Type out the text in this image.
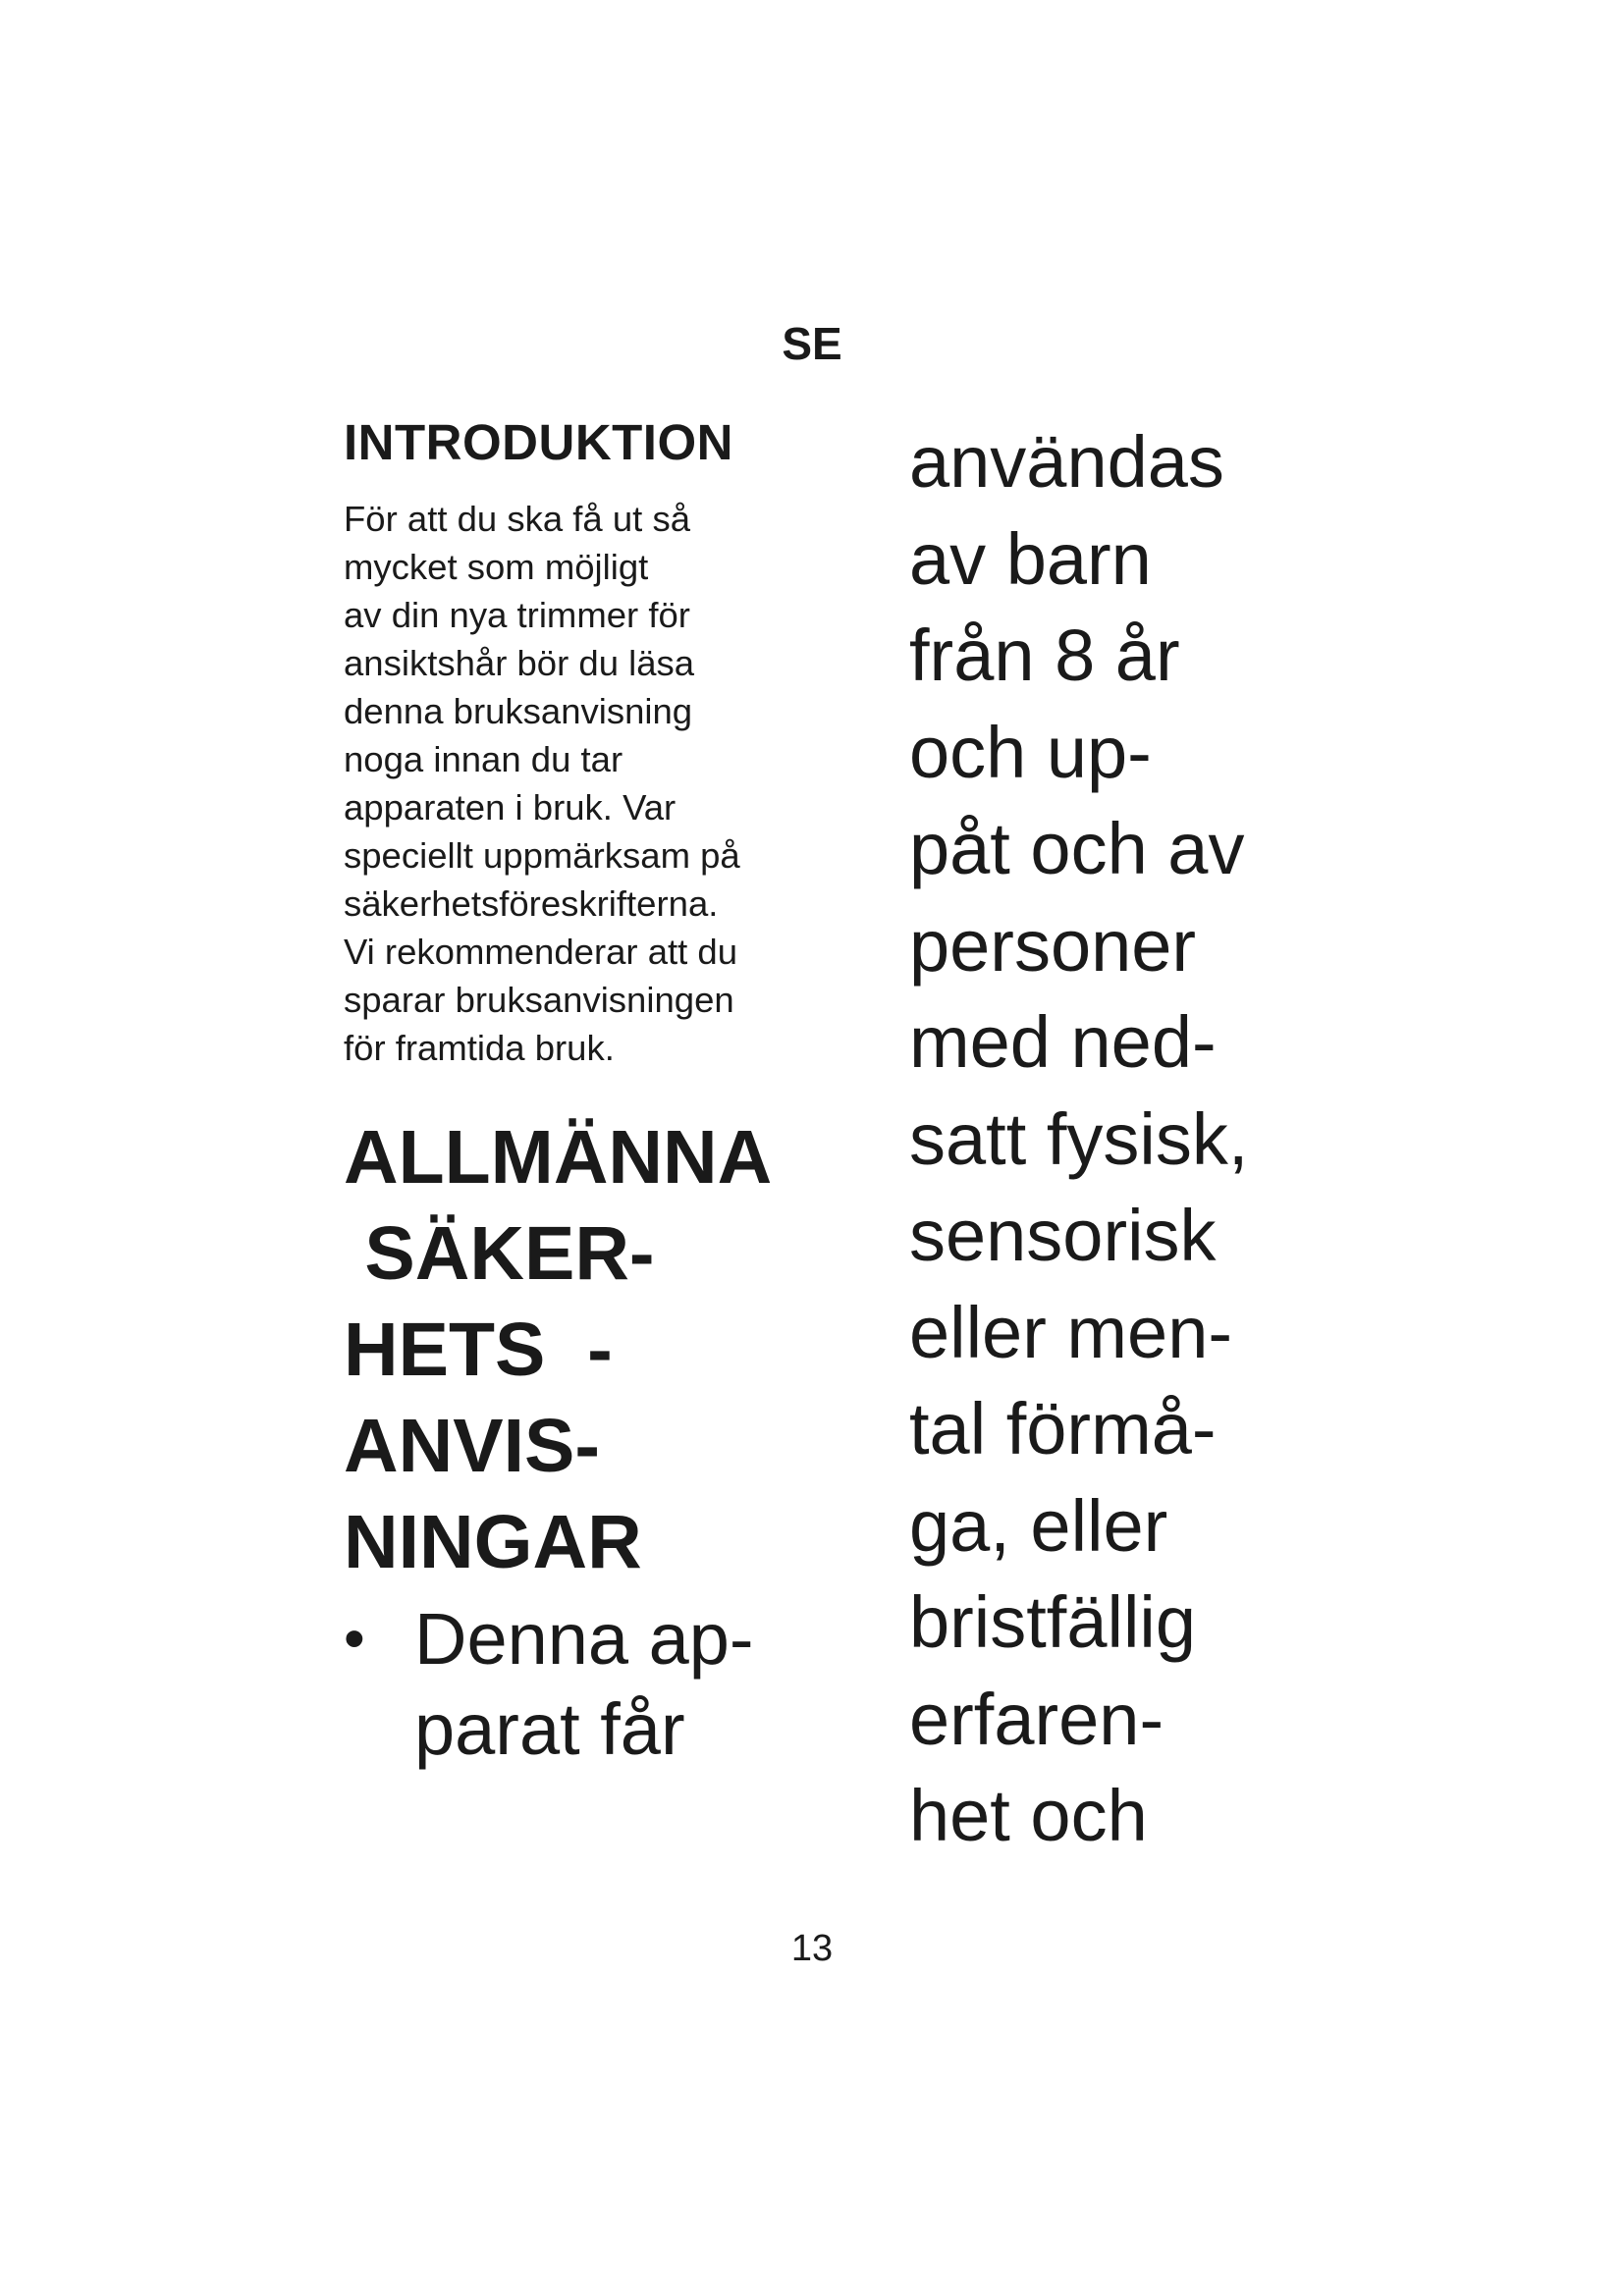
SE
INTRODUKTION

För att du ska få ut så
mycket som möjligt
av din nya trimmer för
ansiktshår bör du läsa
denna bruksanvisning
noga innan du tar
apparaten i bruk. Var
speciellt uppmärksam på
säkerhetsföreskrifterna.
Vi rekommenderar att du
sparar bruksanvisningen
för framtida bruk.

ALLMÄNNA
SÄKER-
HETS  -
ANVIS-
NINGAR
• Denna ap-
parat får

användas
av barn
från 8 år
och up-
påt och av
personer
med ned-
satt fysisk,
sensorisk
eller men-
tal förmå-
ga, eller
bristfällig
erfaren-
het och

13
